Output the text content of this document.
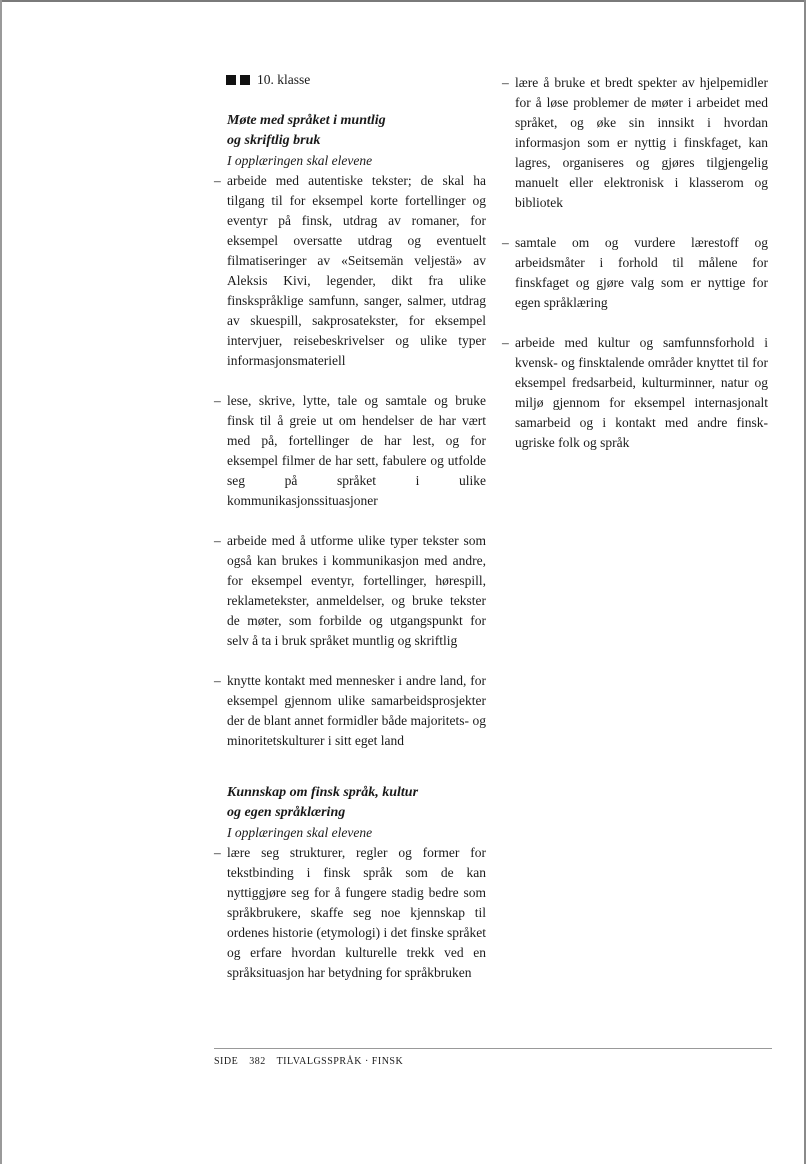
10. klasse

Møte med språket i muntlig
og skriftlig bruk

I opplæringen skal elevene

– arbeide med autentiske tekster; de skal ha tilgang til for eksempel korte fortellinger og eventyr på finsk, utdrag av romaner, for eksempel oversatte utdrag og eventuelt filmatiseringer av «Seitsemän veljestä» av Aleksis Kivi, legender, dikt fra ulike finskspråklige samfunn, sanger, salmer, utdrag av skuespill, sakprosatekster, for eksempel intervjuer, reisebeskrivelser og ulike typer informasjonsmateriell
– lese, skrive, lytte, tale og samtale og bruke finsk til å greie ut om hendelser de har vært med på, fortellinger de har lest, og for eksempel filmer de har sett, fabulere og utfolde seg på språket i ulike kommunikasjonssituasjoner
– arbeide med å utforme ulike typer tekster som også kan brukes i kommunikasjon med andre, for eksempel eventyr, fortellinger, hørespill, reklametekster, anmeldelser, og bruke tekster de møter, som forbilde og utgangspunkt for selv å ta i bruk språket muntlig og skriftlig
– knytte kontakt med mennesker i andre land, for eksempel gjennom ulike samarbeidsprosjekter der de blant annet formidler både majoritets- og minoritetskulturer i sitt eget land

Kunnskap om finsk språk, kultur
og egen språklæring

I opplæringen skal elevene

– lære seg strukturer, regler og former for tekstbinding i finsk språk som de kan nyttiggjøre seg for å fungere stadig bedre som språkbrukere, skaffe seg noe kjennskap til ordenes historie (etymologi) i det finske språket og erfare hvordan kulturelle trekk ved en språksituasjon har betydning for språkbruken
– lære å bruke et bredt spekter av hjelpemidler for å løse problemer de møter i arbeidet med språket, og øke sin innsikt i hvordan informasjon som er nyttig i finskfaget, kan lagres, organiseres og gjøres tilgjengelig manuelt eller elektronisk i klasserom og bibliotek
– samtale om og vurdere lærestoff og arbeidsmåter i forhold til målene for finskfaget og gjøre valg som er nyttige for egen språklæring
– arbeide med kultur og samfunnsforhold i kvensk- og finsktalende områder knyttet til for eksempel fredsarbeid, kulturminner, natur og miljø gjennom for eksempel internasjonalt samarbeid og i kontakt med andre finsk-ugriske folk og språk
SIDE 382 TILVALGSSPRÅK · FINSK
